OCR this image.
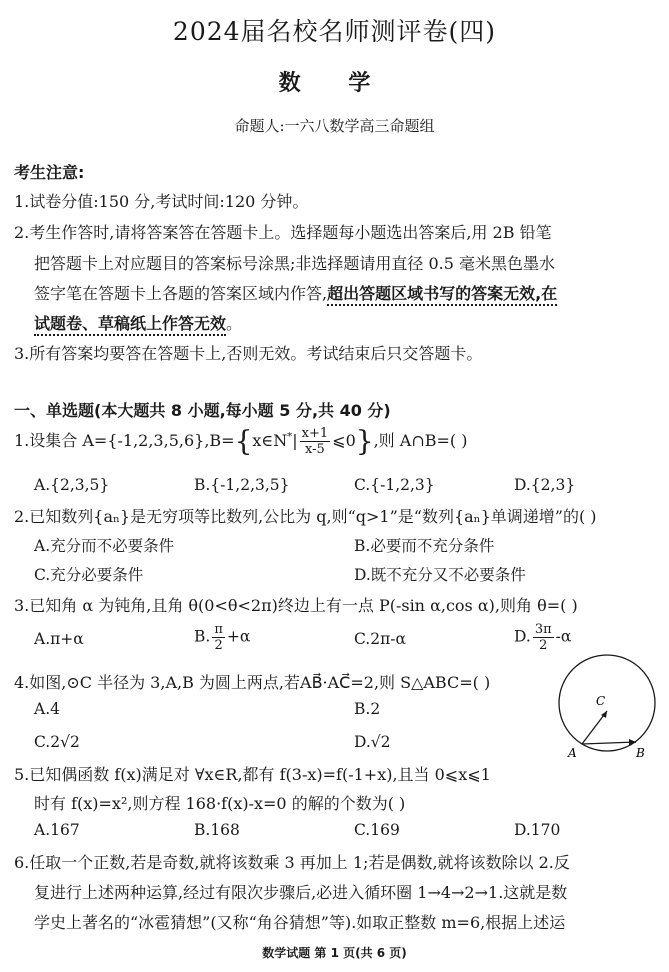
2024届名校名师测评卷(四)
数 学
命题人:一六八数学高三命题组
考生注意:
1.试卷分值:150 分,考试时间:120 分钟。
2.考生作答时,请将答案答在答题卡上。选择题每小题选出答案后,用 2B 铅笔
把答题卡上对应题目的答案标号涂黑;非选择题请用直径 0.5 毫米黑色墨水
签字笔在答题卡上各题的答案区域内作答,超出答题区域书写的答案无效,在
试题卷、草稿纸上作答无效。
3.所有答案均要答在答题卡上,否则无效。考试结束后只交答题卡。
一、单选题(本大题共 8 小题,每小题 5 分,共 40 分)
1.设集合 A={-1,2,3,5,6},B={x∈N*| $\frac{x+1}{x-5}$ ⩽0},则 A∩B=( )
A.{2,3,5}	B.{-1,2,3,5}	C.{-1,2,3}	D.{2,3}
2.已知数列{aₙ}是无穷项等比数列,公比为 q,则“q>1”是“数列{aₙ}单调递增”的( )
A.充分而不必要条件	B.必要而不充分条件
C.充分必要条件	D.既不充分又不必要条件
3.已知角 α 为钝角,且角 θ(0<θ<2π)终边上有一点 P(-sin α,cos α),则角 θ=( )
A.π+α	B. $\frac{\pi}{2} +\alpha$	C.2π-α	D. $\frac{3\pi}{2} -\alpha$
4.如图,⊙C 半径为 3,A,B 为圆上两点,若AB⃗·AC⃗=2,则 S△ABC=( )
A.4	B.2
C.2√2	D.√2
C
A	B
5.已知偶函数 f(x)满足对 ∀x∈R,都有 f(3-x)=f(-1+x),且当 0⩽x⩽1
时有 f(x)=x²,则方程 168·f(x)-x=0 的解的个数为( )
A.167	B.168	C.169	D.170
6.任取一个正数,若是奇数,就将该数乘 3 再加上 1;若是偶数,就将该数除以 2.反
复进行上述两种运算,经过有限次步骤后,必进入循环圈 1→4→2→1.这就是数
学史上著名的“冰雹猜想”(又称“角谷猜想”等).如取正整数 m=6,根据上述运
数学试题 第 1 页(共 6 页)
